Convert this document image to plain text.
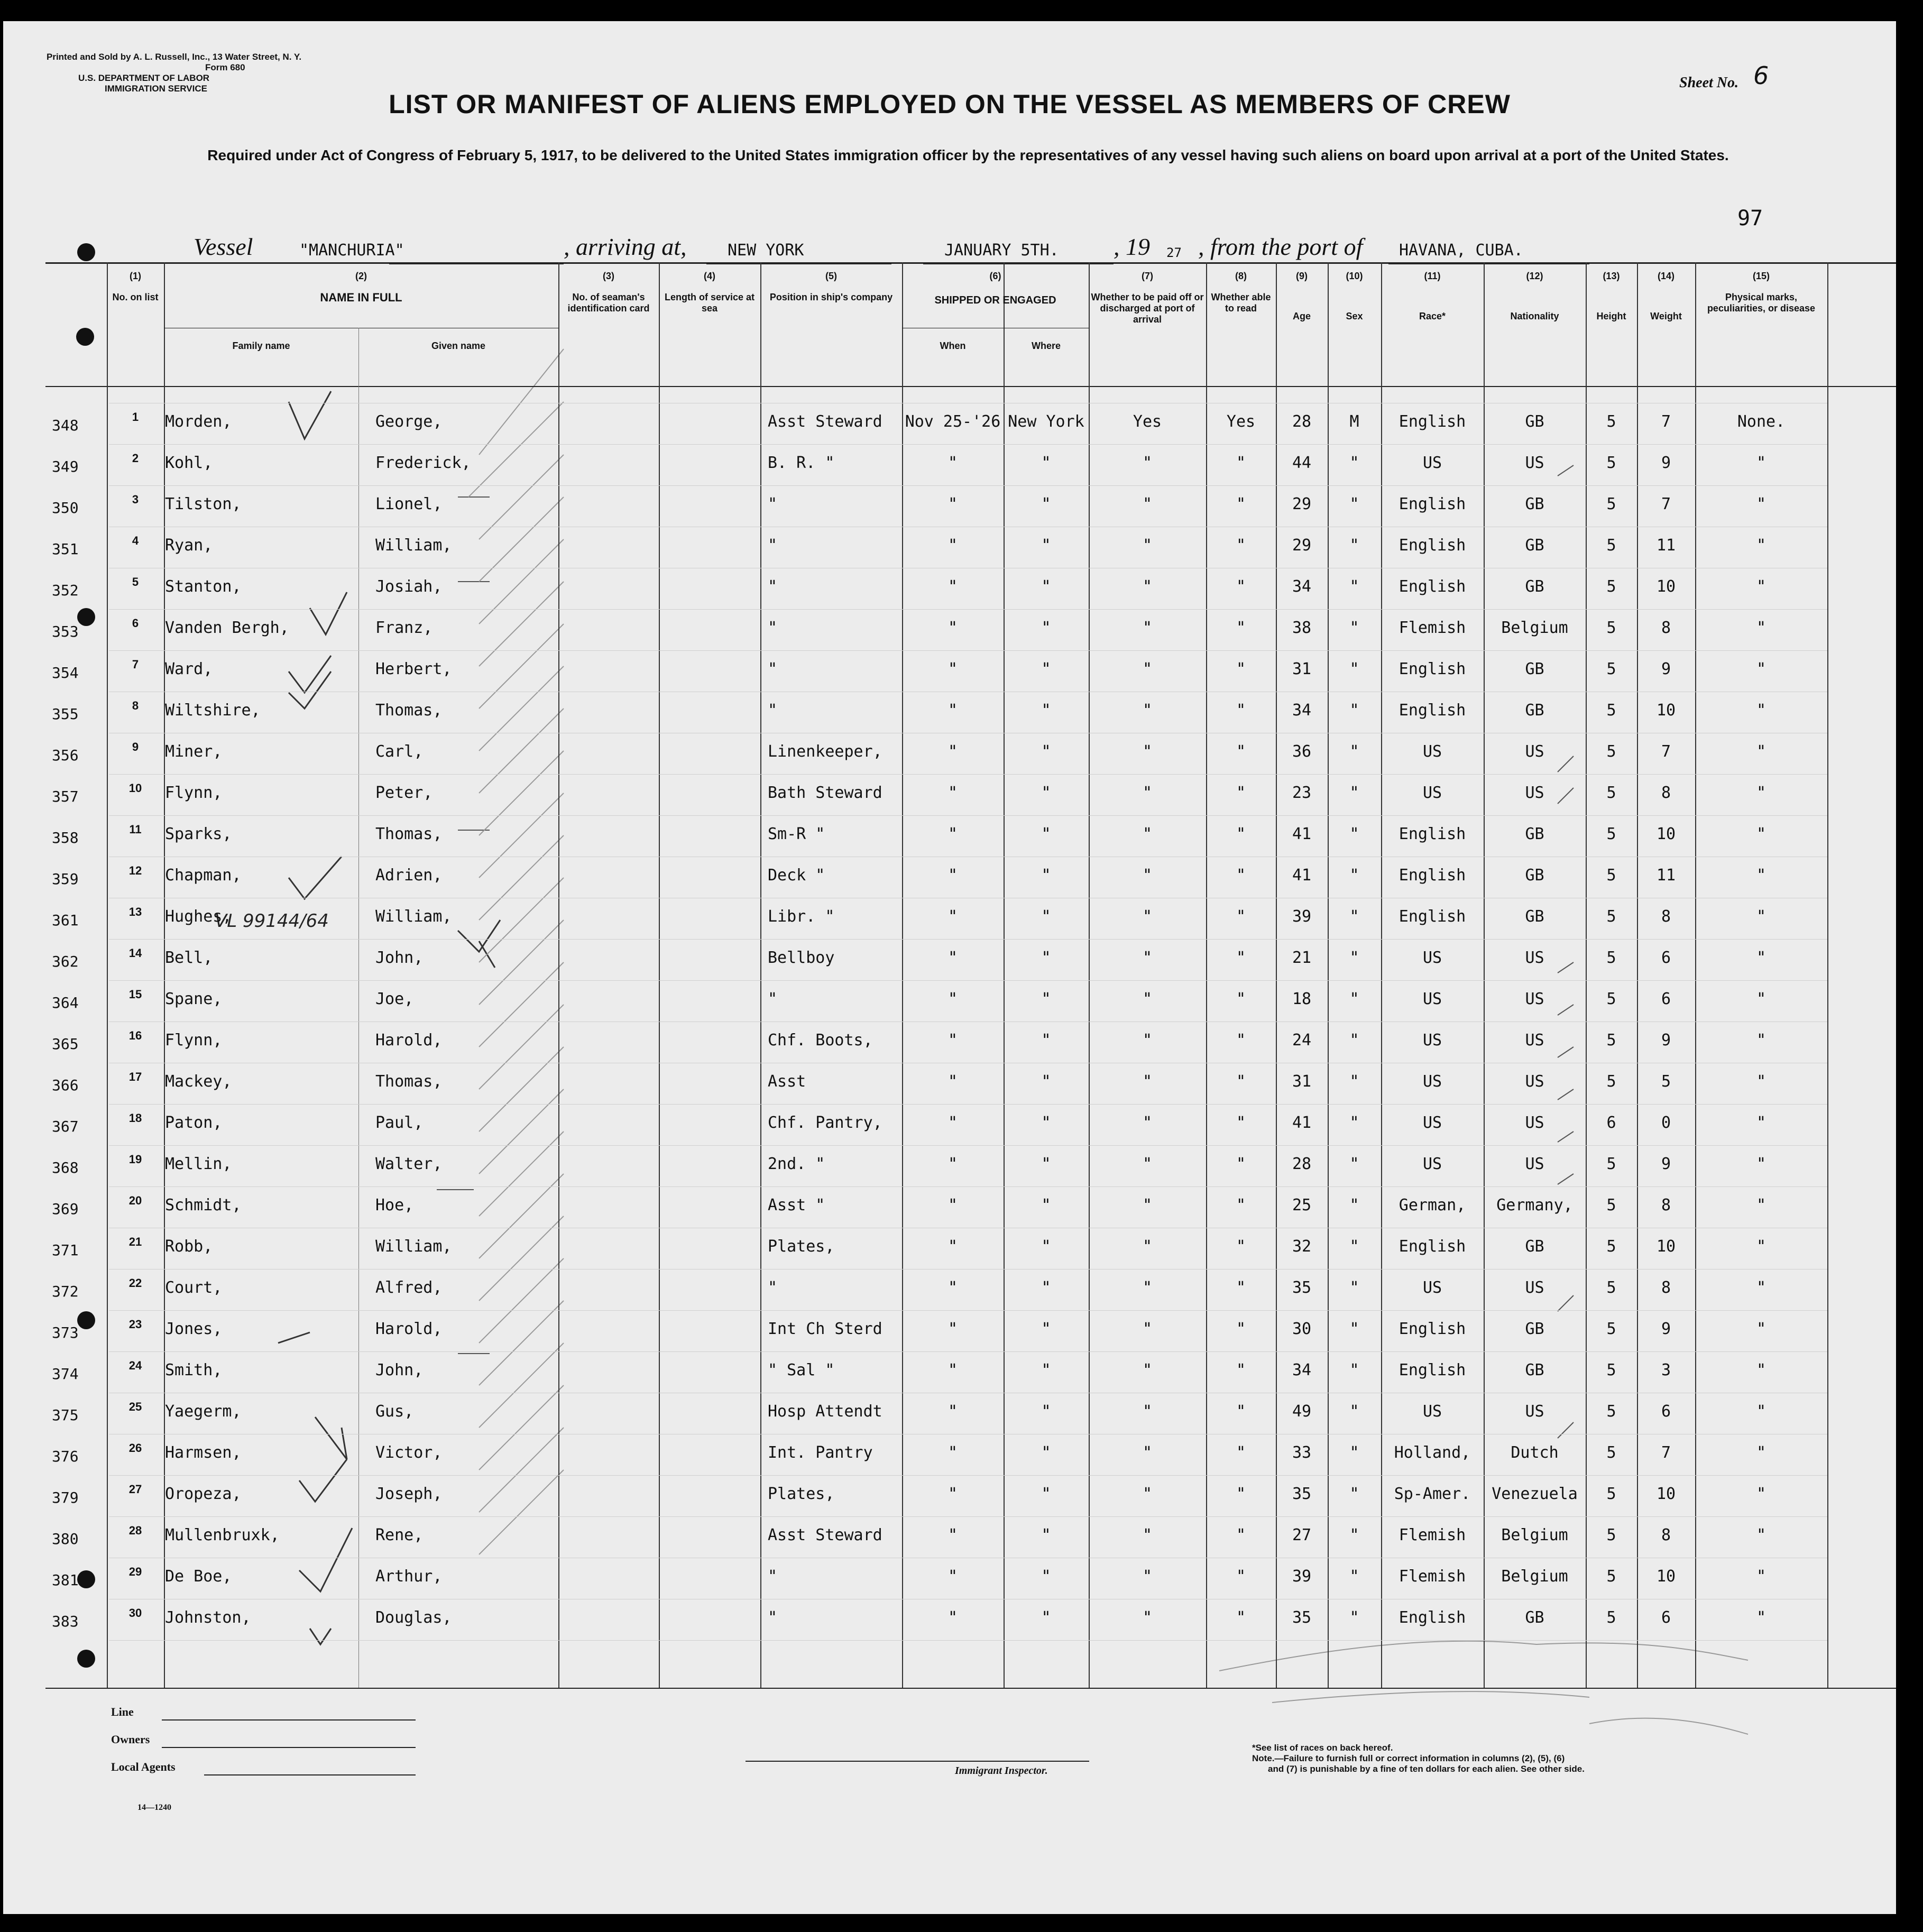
Printed and Sold by A. L. Russell, Inc., 13 Water Street, N. Y.
Form 680
U.S. DEPARTMENT OF LABOR
IMMIGRATION SERVICE	Sheet No. 6
LIST OR MANIFEST OF ALIENS EMPLOYED ON THE VESSEL AS MEMBERS OF CREW
Required under Act of Congress of February 5, 1917, to be delivered to the United States immigration officer by the representatives of any vessel having such aliens on board upon arrival at a port of the United States.
97
Vessel	"MANCHURIA"	, arriving at,	NEW YORK	JANUARY 5TH. , 19 27 , from the port of HAVANA, CUBA.
Line
Owners
Local Agents
14—1240
Immigrant Inspector.
*See list of races on back hereof.
Note.—Failure to furnish full or correct information in columns (2), (5), (6)
and (7) is punishable by a fine of ten dollars for each alien. See other side.
VL 99144/64
(1)
No. on list
(3)
No. of seaman's identification card
(4)
Length of service at sea
(5)
Position in ship's company
(7)
Whether to be paid off or discharged at port of arrival
(8)
Whether able to read
(9)
Age
(10)
Sex
(11)
Race*
(12)
Nationality
(13)
Height
(14)
Weight
(15)
Physical marks, peculiarities, or disease
(2)
NAME IN FULL
Family name	Given name
(6)
SHIPPED OR ENGAGED
When	Where
348	1	Morden,	George,	Asst Steward Nov 25-'26 New York	Yes	Yes	28	M	English	GB	5	7	None.
349	2	Kohl,	Frederick,	B. R. "	"	"	"	"	44	"	US	US	5	9	"
350	3	Tilston,	Lionel,	"	"	"	"	"	29	"	English	GB	5	7	"
351	4	Ryan,	William,	"	"	"	"	"	29	"	English	GB	5	11	"
352	5	Stanton,	Josiah,	"	"	"	"	"	34	"	English	GB	5	10	"
353	6	Vanden Bergh,	Franz,	"	"	"	"	"	38	"	Flemish	Belgium	5	8	"
354	7	Ward,	Herbert,	"	"	"	"	"	31	"	English	GB	5	9	"
355	8	Wiltshire,	Thomas,	"	"	"	"	"	34	"	English	GB	5	10	"
356	9	Miner,	Carl,	Linenkeeper,	"	"	"	"	36	"	US	US	5	7	"
357	10	Flynn,	Peter,	Bath Steward	"	"	"	"	23	"	US	US	5	8	"
358	11	Sparks,	Thomas,	Sm-R "	"	"	"	"	41	"	English	GB	5	10	"
359	12	Chapman,	Adrien,	Deck "	"	"	"	"	41	"	English	GB	5	11	"
361	13	Hughes,	William,	Libr. "	"	"	"	"	39	"	English	GB	5	8	"
362	14	Bell,	John,	Bellboy	"	"	"	"	21	"	US	US	5	6	"
364	15	Spane,	Joe,	"	"	"	"	"	18	"	US	US	5	6	"
365	16	Flynn,	Harold,	Chf. Boots,	"	"	"	"	24	"	US	US	5	9	"
366	17	Mackey,	Thomas,	Asst	"	"	"	"	31	"	US	US	5	5	"
367	18	Paton,	Paul,	Chf. Pantry,	"	"	"	"	41	"	US	US	6	0	"
368	19	Mellin,	Walter,	2nd. "	"	"	"	"	28	"	US	US	5	9	"
369	20	Schmidt,	Hoe,	Asst "	"	"	"	"	25	"	German,	Germany,	5	8	"
371	21	Robb,	William,	Plates,	"	"	"	"	32	"	English	GB	5	10	"
372	22	Court,	Alfred,	"	"	"	"	"	35	"	US	US	5	8	"
373	23	Jones,	Harold,	Int Ch Sterd	"	"	"	"	30	"	English	GB	5	9	"
374	24	Smith,	John,	" Sal "	"	"	"	"	34	"	English	GB	5	3	"
375	25	Yaegerm,	Gus,	Hosp Attendt	"	"	"	"	49	"	US	US	5	6	"
376	26	Harmsen,	Victor,	Int. Pantry	"	"	"	"	33	"	Holland,	Dutch	5	7	"
379	27	Oropeza,	Joseph,	Plates,	"	"	"	"	35	"	Sp-Amer.	Venezuela	5	10	"
380	28	Mullenbruxk,	Rene,	Asst Steward	"	"	"	"	27	"	Flemish	Belgium	5	8	"
381	29	De Boe,	Arthur,	"	"	"	"	"	39	"	Flemish	Belgium	5	10	"
383	30	Johnston,	Douglas,	"	"	"	"	"	35	"	English	GB	5	6	"
